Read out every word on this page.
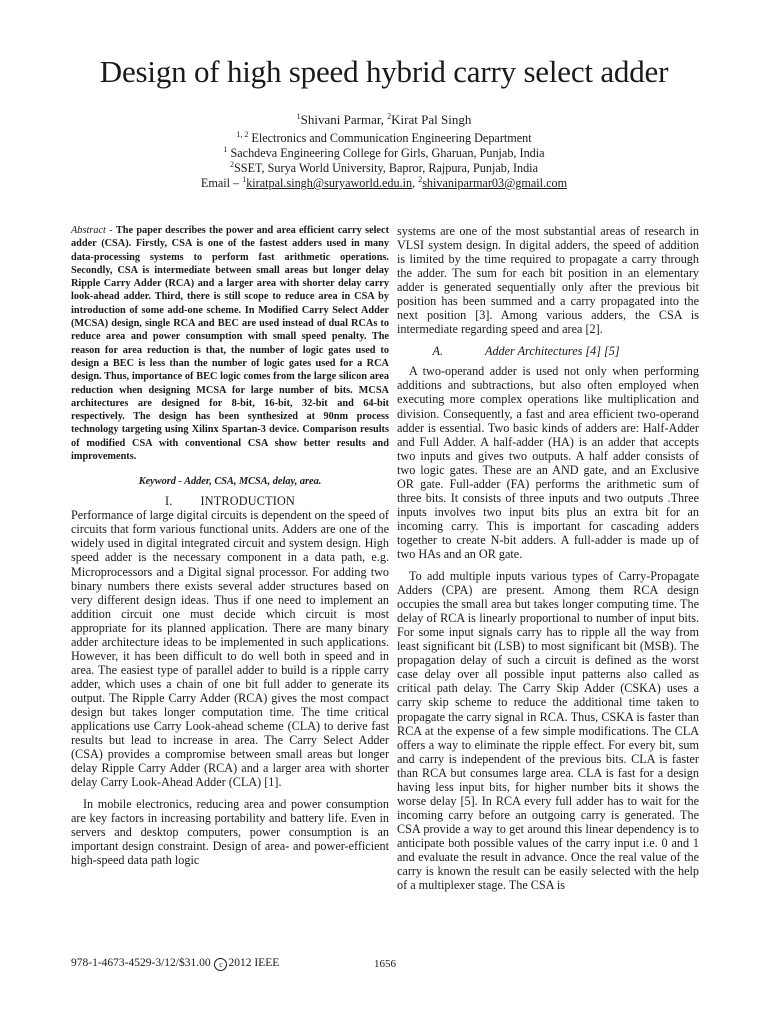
Design of high speed hybrid carry select adder
$^1$Shivani Parmar, $^2$Kirat Pal Singh
$^{1, 2}$ Electronics and Communication Engineering Department
$^1$ Sachdeva Engineering College for Girls, Gharuan, Punjab, India
$^2$SSET, Surya World University, Bapror, Rajpura, Punjab, India
Email – $^1$kiratpal.singh@suryaworld.edu.in, $^2$shivaniparmar03@gmail.com

Abstract - The paper describes the power and area efficient carry select adder (CSA). Firstly, CSA is one of the fastest adders used in many data-processing systems to perform fast arithmetic operations. Secondly, CSA is intermediate between small areas but longer delay Ripple Carry Adder (RCA) and a larger area with shorter delay carry look-ahead adder. Third, there is still scope to reduce area in CSA by introduction of some add-one scheme. In Modified Carry Select Adder (MCSA) design, single RCA and BEC are used instead of dual RCAs to reduce area and power consumption with small speed penalty. The reason for area reduction is that, the number of logic gates used to design a BEC is less than the number of logic gates used for a RCA design. Thus, importance of BEC logic comes from the large silicon area reduction when designing MCSA for large number of bits. MCSA architectures are designed for 8-bit, 16-bit, 32-bit and 64-bit respectively. The design has been synthesized at 90nm process technology targeting using Xilinx Spartan-3 device. Comparison results of modified CSA with conventional CSA show better results and improvements.

Keyword - Adder, CSA, MCSA, delay, area.

I. INTRODUCTION

Performance of large digital circuits is dependent on the speed of circuits that form various functional units. Adders are one of the widely used in digital integrated circuit and system design. High speed adder is the necessary component in a data path, e.g. Microprocessors and a Digital signal processor. For adding two binary numbers there exists several adder structures based on very different design ideas. Thus if one need to implement an addition circuit one must decide which circuit is most appropriate for its planned application. There are many binary adder architecture ideas to be implemented in such applications. However, it has been difficult to do well both in speed and in area. The easiest type of parallel adder to build is a ripple carry adder, which uses a chain of one bit full adder to generate its output. The Ripple Carry Adder (RCA) gives the most compact design but takes longer computation time. The time critical applications use Carry Look-ahead scheme (CLA) to derive fast results but lead to increase in area. The Carry Select Adder (CSA) provides a compromise between small areas but longer delay Ripple Carry Adder (RCA) and a larger area with shorter delay Carry Look-Ahead Adder (CLA) [1].

In mobile electronics, reducing area and power consumption are key factors in increasing portability and battery life. Even in servers and desktop computers, power consumption is an important design constraint. Design of area- and power-efficient high-speed data path logic

systems are one of the most substantial areas of research in VLSI system design. In digital adders, the speed of addition is limited by the time required to propagate a carry through the adder. The sum for each bit position in an elementary adder is generated sequentially only after the previous bit position has been summed and a carry propagated into the next position [3]. Among various adders, the CSA is intermediate regarding speed and area [2].

A.	Adder Architectures [4] [5]

A two-operand adder is used not only when performing additions and subtractions, but also often employed when executing more complex operations like multiplication and division. Consequently, a fast and area efficient two-operand adder is essential. Two basic kinds of adders are: Half-Adder and Full Adder. A half-adder (HA) is an adder that accepts two inputs and gives two outputs. A half adder consists of two logic gates. These are an AND gate, and an Exclusive OR gate. Full-adder (FA) performs the arithmetic sum of three bits. It consists of three inputs and two outputs .Three inputs involves two input bits plus an extra bit for an incoming carry. This is important for cascading adders together to create N-bit adders. A full-adder is made up of two HAs and an OR gate.

To add multiple inputs various types of Carry-Propagate Adders (CPA) are present. Among them RCA design occupies the small area but takes longer computing time. The delay of RCA is linearly proportional to number of input bits. For some input signals carry has to ripple all the way from least significant bit (LSB) to most significant bit (MSB). The propagation delay of such a circuit is defined as the worst case delay over all possible input patterns also called as critical path delay. The Carry Skip Adder (CSKA) uses a carry skip scheme to reduce the additional time taken to propagate the carry signal in RCA. Thus, CSKA is faster than RCA at the expense of a few simple modifications. The CLA offers a way to eliminate the ripple effect. For every bit, sum and carry is independent of the previous bits. CLA is faster than RCA but consumes large area. CLA is fast for a design having less input bits, for higher number bits it shows the worse delay [5]. In RCA every full adder has to wait for the incoming carry before an outgoing carry is generated. The CSA provide a way to get around this linear dependency is to anticipate both possible values of the carry input i.e. 0 and 1 and evaluate the result in advance. Once the real value of the carry is known the result can be easily selected with the help of a multiplexer stage. The CSA is

978-1-4673-4529-3/12/$31.00 c 2012 IEEE	1656
